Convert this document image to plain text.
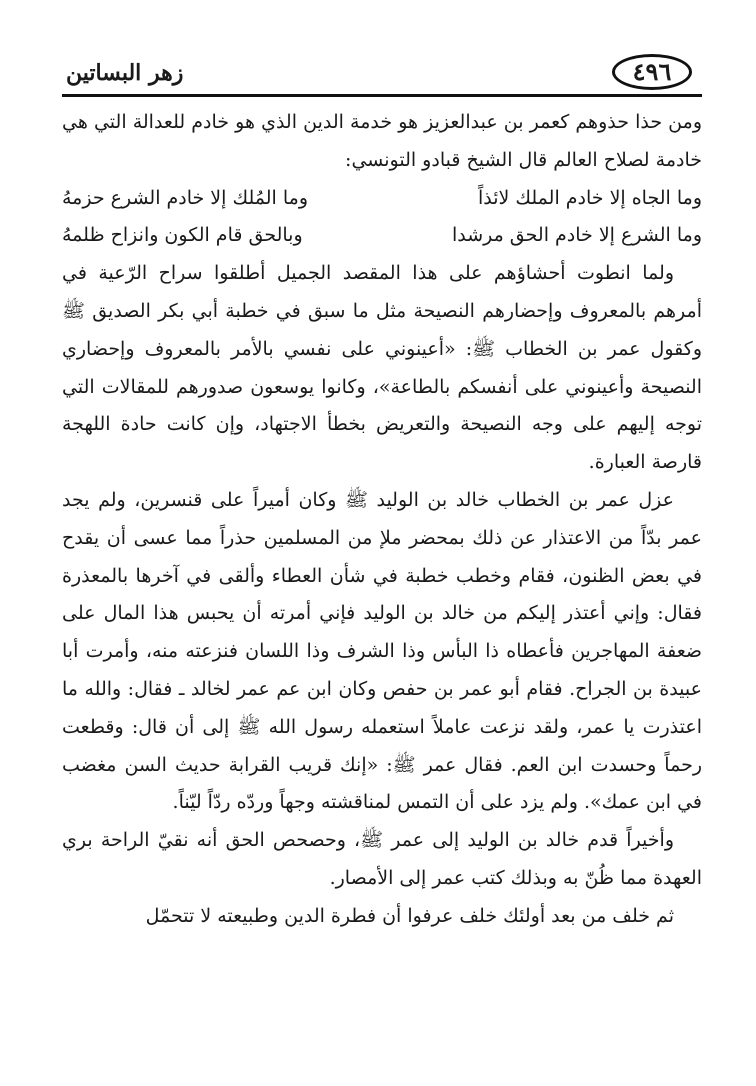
زهر البساتين	٤٩٦

ومن حذا حذوهم كعمر بن عبدالعزيز هو خدمة الدين الذي هو خادم للعدالة التي هي خادمة لصلاح العالم قال الشيخ قبادو التونسي:

وما الجاه إلا خادم الملك لائذاً
وما المُلك إلا خادم الشرع حزمهُ
وما الشرع إلا خادم الحق مرشدا
وبالحق قام الكون وانزاح ظلمهُ

ولما انطوت أحشاؤهم على هذا المقصد الجميل أطلقوا سراح الرّعية في أمرهم بالمعروف وإحضارهم النصيحة مثل ما سبق في خطبة أبي بكر الصديق ﷺ وكقول عمر بن الخطاب ﷺ: «أعينوني على نفسي بالأمر بالمعروف وإحضاري النصيحة وأعينوني على أنفسكم بالطاعة»، وكانوا يوسعون صدورهم للمقالات التي توجه إليهم على وجه النصيحة والتعريض بخطأ الاجتهاد، وإن كانت حادة اللهجة قارصة العبارة.

عزل عمر بن الخطاب خالد بن الوليد ﷺ وكان أميراً على قنسرين، ولم يجد عمر بدّاً من الاعتذار عن ذلك بمحضر ملإ من المسلمين حذراً مما عسى أن يقدح في بعض الظنون، فقام وخطب خطبة في شأن العطاء وألقى في آخرها بالمعذرة فقال: وإني أعتذر إليكم من خالد بن الوليد فإني أمرته أن يحبس هذا المال على ضعفة المهاجرين فأعطاه ذا البأس وذا الشرف وذا اللسان فنزعته منه، وأمرت أبا عبيدة بن الجراح. فقام أبو عمر بن حفص وكان ابن عم عمر لخالد ـ فقال: والله ما اعتذرت يا عمر، ولقد نزعت عاملاً استعمله رسول الله ﷺ إلى أن قال: وقطعت رحماً وحسدت ابن العم. فقال عمر ﷺ: «إنك قريب القرابة حديث السن مغضب في ابن عمك». ولم يزد على أن التمس لمناقشته وجهاً وردّه ردّاً ليّناً.

وأخيراً قدم خالد بن الوليد إلى عمر ﷺ، وحصحص الحق أنه نقيّ الراحة بري العهدة مما ظُنّ به وبذلك كتب عمر إلى الأمصار.

ثم خلف من بعد أولئك خلف عرفوا أن فطرة الدين وطبيعته لا تتحمّل
